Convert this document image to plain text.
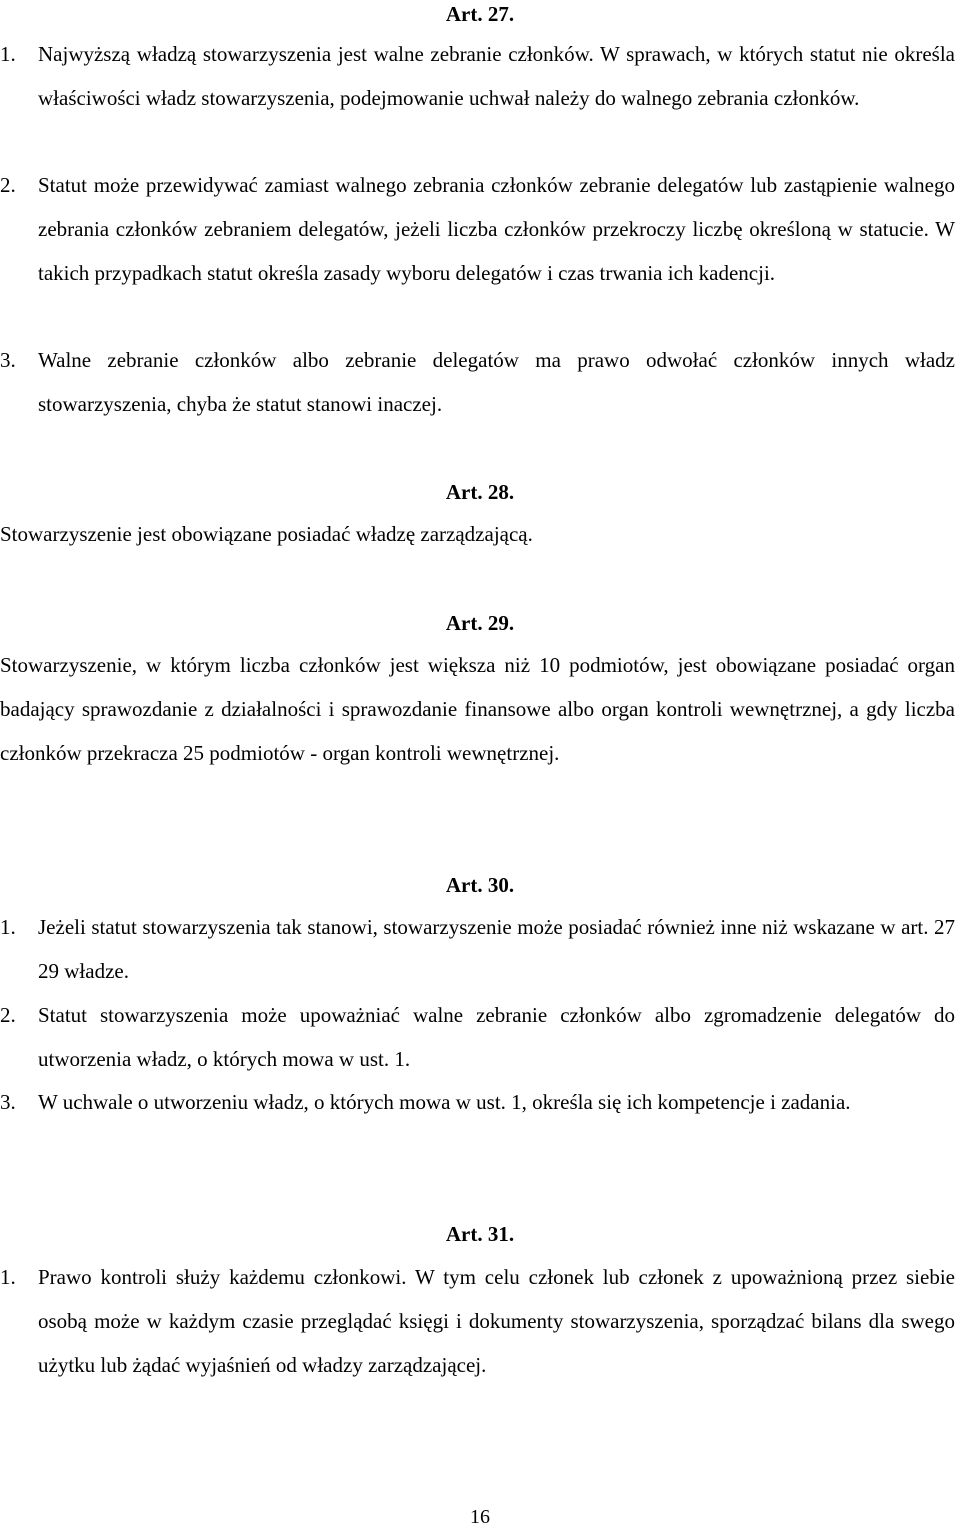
Art. 27.
1.	Najwyższą władzą stowarzyszenia jest walne zebranie członków. W sprawach, w których statut nie określa właściwości władz stowarzyszenia, podejmowanie uchwał należy do walnego zebrania członków.
2.	Statut może przewidywać zamiast walnego zebrania członków zebranie delegatów lub zastąpienie walnego zebrania członków zebraniem delegatów, jeżeli liczba członków przekroczy liczbę określoną w statucie. W takich przypadkach statut określa zasady wyboru delegatów i czas trwania ich kadencji.
3.	Walne zebranie członków albo zebranie delegatów ma prawo odwołać członków innych władz stowarzyszenia, chyba że statut stanowi inaczej.
Art. 28.

Stowarzyszenie jest obowiązane posiadać władzę zarządzającą.

Art. 29.

Stowarzyszenie, w którym liczba członków jest większa niż 10 podmiotów, jest obowiązane posiadać organ badający sprawozdanie z działalności i sprawozdanie finansowe albo organ kontroli wewnętrznej, a gdy liczba członków przekracza 25 podmiotów - organ kontroli wewnętrznej.

Art. 30.
1.	Jeżeli statut stowarzyszenia tak stanowi, stowarzyszenie może posiadać również inne niż wskazane w art. 27 29 władze.
2.	Statut stowarzyszenia może upoważniać walne zebranie członków albo zgromadzenie delegatów do utworzenia władz, o których mowa w ust. 1.
3.	W uchwale o utworzeniu władz, o których mowa w ust. 1, określa się ich kompetencje i zadania.
Art. 31.
1.	Prawo kontroli służy każdemu członkowi. W tym celu członek lub członek z upoważnioną przez siebie osobą może w każdym czasie przeglądać księgi i dokumenty stowarzyszenia, sporządzać bilans dla swego użytku lub żądać wyjaśnień od władzy zarządzającej.
16
